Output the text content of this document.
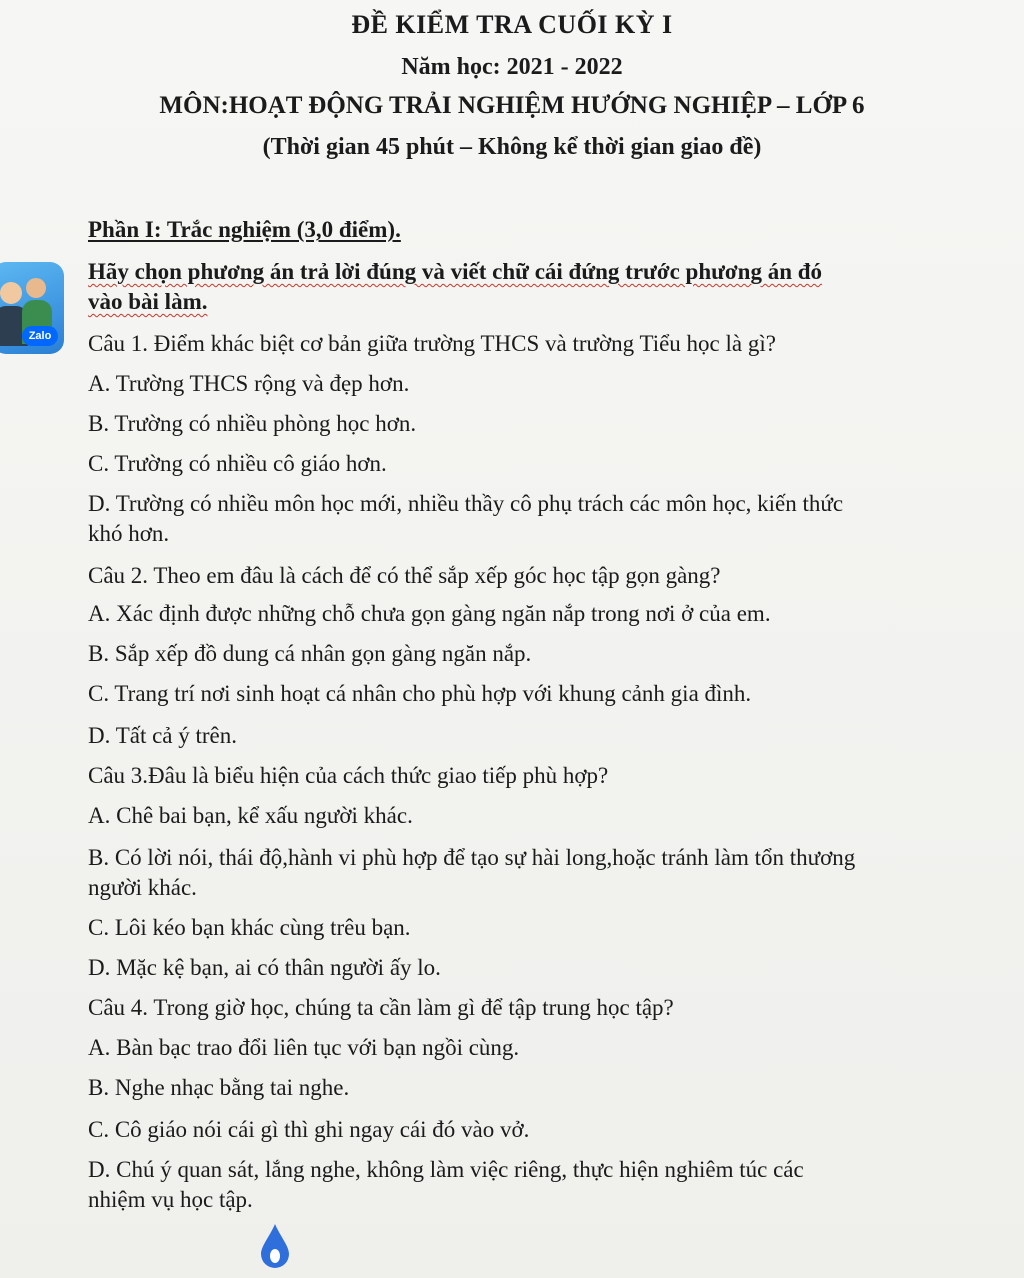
ĐỀ KIỂM TRA CUỐI KỲ I
Năm học: 2021 - 2022
MÔN:HOẠT ĐỘNG TRẢI NGHIỆM HƯỚNG NGHIỆP – LỚP 6
(Thời gian 45 phút – Không kể thời gian giao đề)
Phần I: Trắc nghiệm (3,0 điểm).
Hãy chọn phương án trả lời đúng và viết chữ cái đứng trước phương án đó
vào bài làm.
Câu 1. Điểm khác biệt cơ bản giữa trường THCS và trường Tiểu học là gì?
A. Trường THCS rộng và đẹp hơn.
B. Trường có nhiều phòng học hơn.
C. Trường có nhiều cô giáo hơn.
D. Trường có nhiều môn học mới, nhiều thầy cô phụ trách các môn học, kiến thức
khó hơn.
Câu 2. Theo em đâu là cách để có thể sắp xếp góc học tập gọn gàng?
A. Xác định được những chỗ chưa gọn gàng ngăn nắp trong nơi ở của em.
B. Sắp xếp đồ dung cá nhân gọn gàng ngăn nắp.
C. Trang trí nơi sinh hoạt cá nhân cho phù hợp với khung cảnh gia đình.
D. Tất cả ý trên.
Câu 3.Đâu là biểu hiện của cách thức giao tiếp phù hợp?
A. Chê bai bạn, kể xấu người khác.
B. Có lời nói, thái độ,hành vi phù hợp để tạo sự hài long,hoặc tránh làm tổn thương
người khác.
C. Lôi kéo bạn khác cùng trêu bạn.
D. Mặc kệ bạn, ai có thân người ấy lo.
Câu 4. Trong giờ học, chúng ta cần làm gì để tập trung học tập?
A. Bàn bạc trao đổi liên tục với bạn ngồi cùng.
B. Nghe nhạc bằng tai nghe.
C. Cô giáo nói cái gì thì ghi ngay cái đó vào vở.
D. Chú ý quan sát, lắng nghe, không làm việc riêng, thực hiện nghiêm túc các
nhiệm vụ học tập.
Zalo
